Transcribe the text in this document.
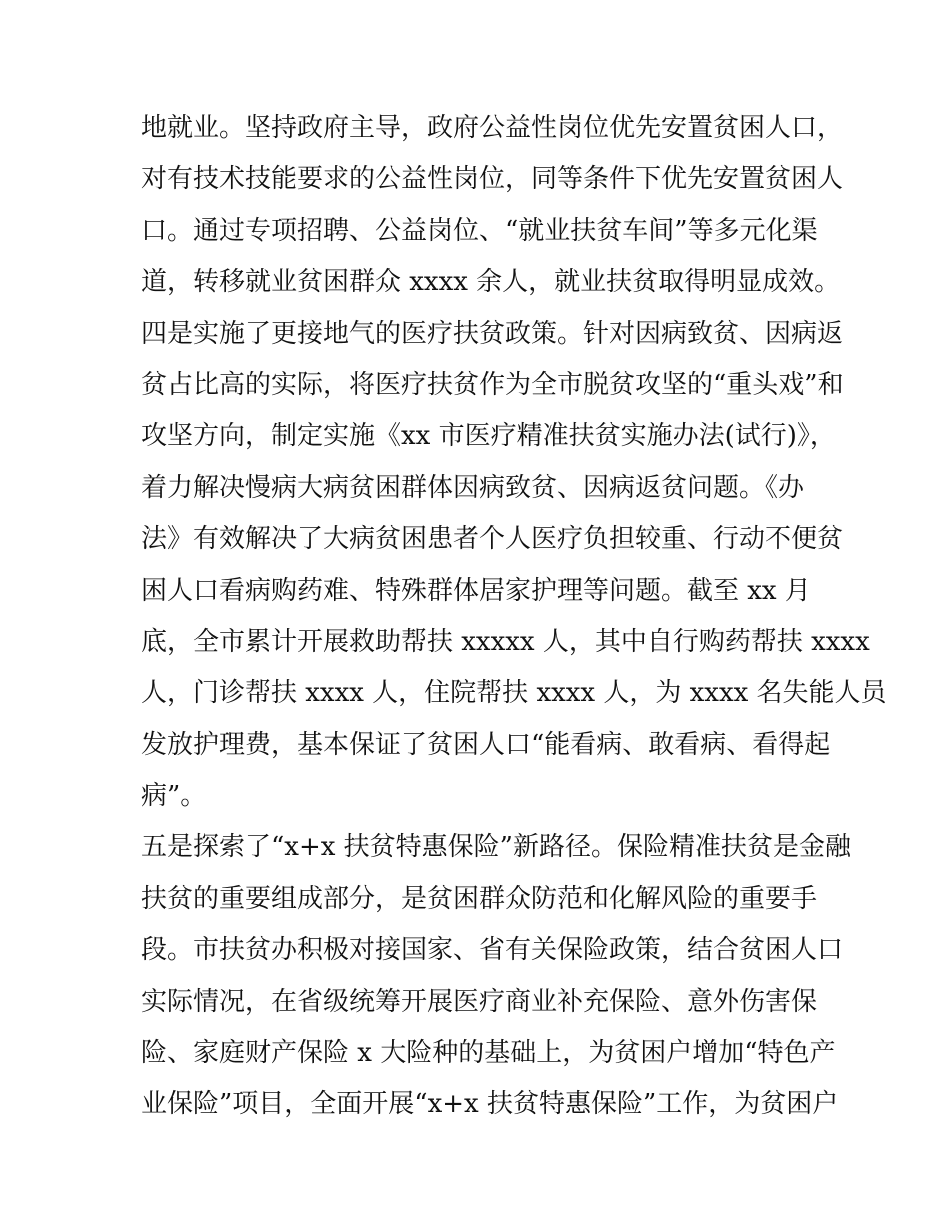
地就业。坚持政府主导，政府公益性岗位优先安置贫困人口，
对有技术技能要求的公益性岗位，同等条件下优先安置贫困人
口。通过专项招聘、公益岗位、“就业扶贫车间”等多元化渠
道，转移就业贫困群众 xxxx 余人，就业扶贫取得明显成效。
四是实施了更接地气的医疗扶贫政策。针对因病致贫、因病返
贫占比高的实际，将医疗扶贫作为全市脱贫攻坚的“重头戏”和
攻坚方向，制定实施《xx 市医疗精准扶贫实施办法(试行)》，
着力解决慢病大病贫困群体因病致贫、因病返贫问题。《办
法》有效解决了大病贫困患者个人医疗负担较重、行动不便贫
困人口看病购药难、特殊群体居家护理等问题。截至 xx 月
底，全市累计开展救助帮扶 xxxxx 人，其中自行购药帮扶 xxxx
人，门诊帮扶 xxxx 人，住院帮扶 xxxx 人，为 xxxx 名失能人员
发放护理费，基本保证了贫困人口“能看病、敢看病、看得起
病”。
五是探索了“x+x 扶贫特惠保险”新路径。保险精准扶贫是金融
扶贫的重要组成部分，是贫困群众防范和化解风险的重要手
段。市扶贫办积极对接国家、省有关保险政策，结合贫困人口
实际情况，在省级统筹开展医疗商业补充保险、意外伤害保
险、家庭财产保险 x 大险种的基础上，为贫困户增加“特色产
业保险”项目，全面开展“x+x 扶贫特惠保险”工作，为贫困户
